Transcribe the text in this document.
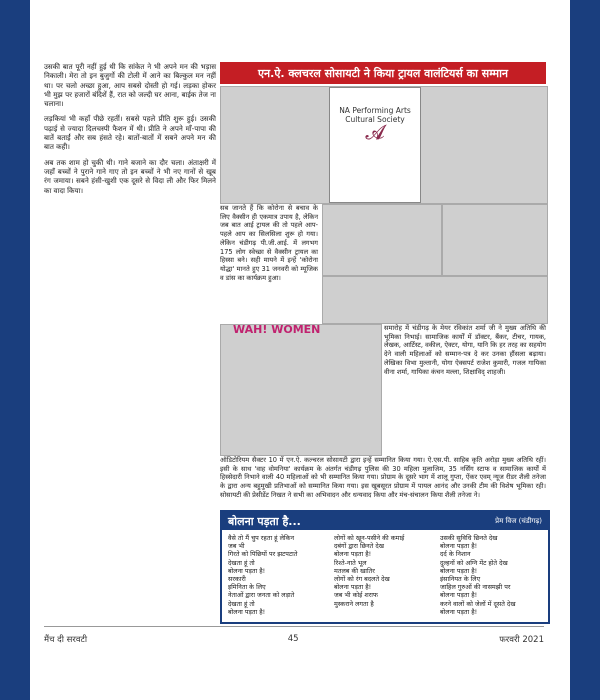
उसकी बात पूरी नहीं हुई थी कि सांकेत ने भी अपने मन की भड़ास निकाली। मेरा तो इन बुजुर्गो की टोली में आने का बिल्कुल मन नहीं था। पर चलो अच्छा हुआ, आप सबसे दोस्ती हो गई। लड़का होकर भी मुझ पर हजारों बंदिशें हैं, रात को जल्दी घर आना, बाईक तेज ना चलाना।

लड़कियां भी कहाँ पीछे रहतीं। सबसे पहले प्रीति शुरू हुई। उसकी पढ़ाई से ज्यादा दिलचस्पी फैशन में थी। प्रीति ने अपने माँ-पापा की बातें बताईं और सब हंसते रहे। बातों-बातों में सबने अपने मन की बात कही।

अब तक शाम हो चुकी थी। गाने बजाने का दौर चला। अंताक्षरी में जहाँ बच्चों ने पुराने गाने गाए तो इन बच्चों ने भी नए गानों से खूब रंग जमाया। सबने हंसी-खुशी एक दूसरे से विदा ली और फिर मिलने का वादा किया।

एन.ऐ. क्लचरल सोसायटी ने किया ट्रायल वालंटियर्स का सम्मान
NA Performing Arts
Cultural Society
𝓐
सब जानते हैं कि कोरोना से बचाव के लिए वैक्सीन ही एकमात्र उपाय है, लेकिन जब बात आई ट्रायल की तो पहले आप-पहले आप का सिलसिला शुरू हो गया। लेकिन चंडीगढ़ पी.जी.आई. में लगभग 175 लोग स्वेच्छा से वैक्सीन ट्रायल का हिस्सा बने। सही मायने में इन्हें 'कोरोना योद्धा' मानते हुए 31 जनवरी को म्यूजिक व डांस का कार्यक्रम हुआ।
WAH! WOMEN	समारोह में चंडीगढ़ के मेयर रविकांत शर्मा जी ने मुख्य अतिथि की भूमिका निभाई। सामाजिक कार्यों में डॉक्टर, बैंकर, टीचर, गायक, लेखक, आर्टिस्ट, वकील, ऐक्टर, योगा, यानि कि हर तरह का सहयोग देने वाली महिलाओं को सम्मान-पत्र दे कर उनका हौंसला बढ़ाया। लेखिका विभा मुल्तानी, योगा ऐक्सपर्ट राजेश कुमारी, गजल गायिका वीना शर्मा, गायिका कंचन मल्ला, शिक्षाविद् शाहजी।
ऑडिटोरियम सैक्टर 10 में एन.ऐ. कल्चरल सोसायटी द्वारा इन्हें सम्मानित किया गया। ऐ.एस.पी. साहिब कृति अरोड़ा मुख्य अतिथि रहीं। इसी के साथ 'वाह वोमनिया' कार्यक्रम के अंतर्गत चंडीगढ़ पुलिस की 30 महिला मुलाजिम, 35 नर्सिंग स्टाफ व सामाजिक कार्यों में हिस्सेदारी निभाने वाली 40 महिलाओं को भी सम्मानित किया गया। प्रोग्राम के दूसरे भाग में शालू गुप्ता, ऐंकर एवम् न्यूज रीडर शैली तनेजा के द्वारा अन्य बहुमुखी प्रतिभाओं को सम्मानित किया गया। इस खूबसूरत प्रोग्राम में पायल आनंद और उनकी टीम की विशेष भूमिका रही। सोसायटी की प्रेसीडेंट निखत ने सभी का अभिवादन और धन्यवाद किया और मंच-संचालन किया शैली तनेजा ने।
बोलना पड़ता है...	प्रेम विज (चंडीगढ़)
वैसे तो मैं चुप रहता हूं लेकिन
जब भी
गिरते को पिछियों पर झटपटाते
देखता हूं तो
बोलना पड़ता है!
सरकारी
इमिनिता के लिए
नेताओं द्वारा जनता को लड़ाते
देखता हूं तो
बोलना पड़ता है!
लोगों को खून-पसीने की कमाई
दबंगों द्वारा छिनते देख
बोलना पड़ता है!
रिश्ते-नाते भूल
मतलब की खातिर
लोगों को रंग बदलते देख
बोलना पड़ता है!
जब भी कोई शराफ
मुस्कराने लगता है
उसकी सुविधि छिनते देख
बोलना पड़ता है!
दर्द के निशान
दुल्हनों को अग्नि मेंट होते देख
बोलना पड़ता है!
इंसानियत के लिए
जाहिल गुरुओं की नासमझी पर
बोलना पड़ता है!
करने वालों को जेलों में दूसते देख
बोलना पड़ता है!
मैंच दी सरवटी	45	फरवरी 2021
